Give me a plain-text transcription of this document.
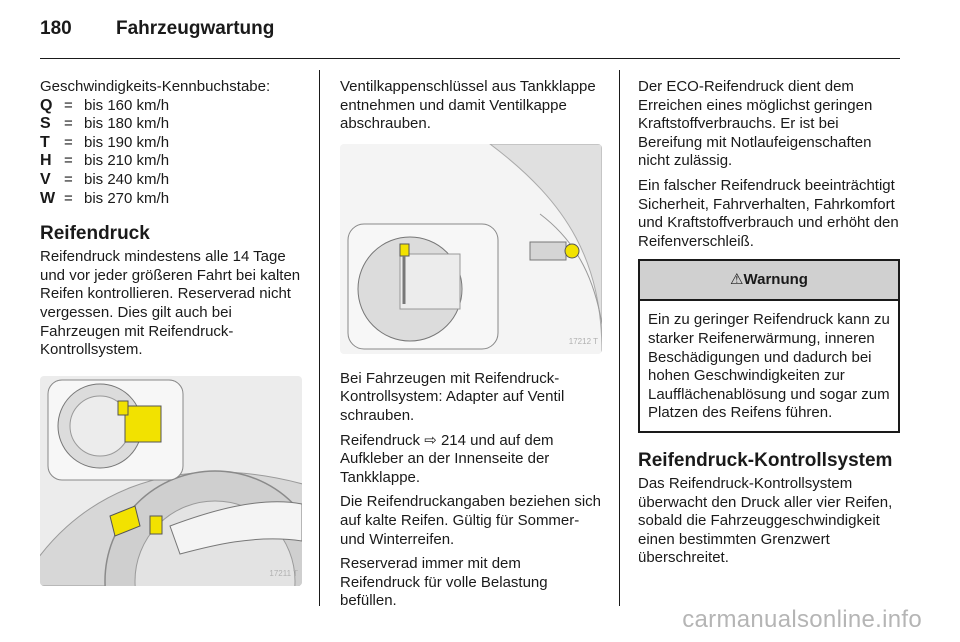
180 Fahrzeugwartung
Geschwindigkeits-Kennbuchstabe:
Q = bis 160 km/h
S = bis 180 km/h
T = bis 190 km/h
H = bis 210 km/h
V = bis 240 km/h
W = bis 270 km/h
Reifendruck

Reifendruck mindestens alle 14 Tage und vor jeder größeren Fahrt bei kalten Reifen kontrollieren. Reserverad nicht vergessen. Dies gilt auch bei Fahrzeugen mit Reifendruck-Kontrollsystem.

17211 T

Ventilkappenschlüssel aus Tankklappe entnehmen und damit Ventilkappe abschrauben.

17212 T

Bei Fahrzeugen mit Reifendruck-Kontrollsystem: Adapter auf Ventil schrauben.

Reifendruck ⇨ 214 und auf dem Aufkleber an der Innenseite der Tankklappe.

Die Reifendruckangaben beziehen sich auf kalte Reifen. Gültig für Sommer- und Winterreifen.

Reserverad immer mit dem Reifendruck für volle Belastung befüllen.

Der ECO-Reifendruck dient dem Erreichen eines möglichst geringen Kraftstoffverbrauchs. Er ist bei Bereifung mit Notlaufeigenschaften nicht zulässig.

Ein falscher Reifendruck beeinträchtigt Sicherheit, Fahrverhalten, Fahrkomfort und Kraftstoffverbrauch und erhöht den Reifenverschleiß.

⚠Warnung
Ein zu geringer Reifendruck kann zu starker Reifenerwärmung, inneren Beschädigungen und dadurch bei hohen Geschwindigkeiten zur Laufflächenablösung und sogar zum Platzen des Reifens führen.
Reifendruck-Kontrollsystem

Das Reifendruck-Kontrollsystem überwacht den Druck aller vier Reifen, sobald die Fahrzeuggeschwindigkeit einen bestimmten Grenzwert überschreitet.

carmanualsonline.info
